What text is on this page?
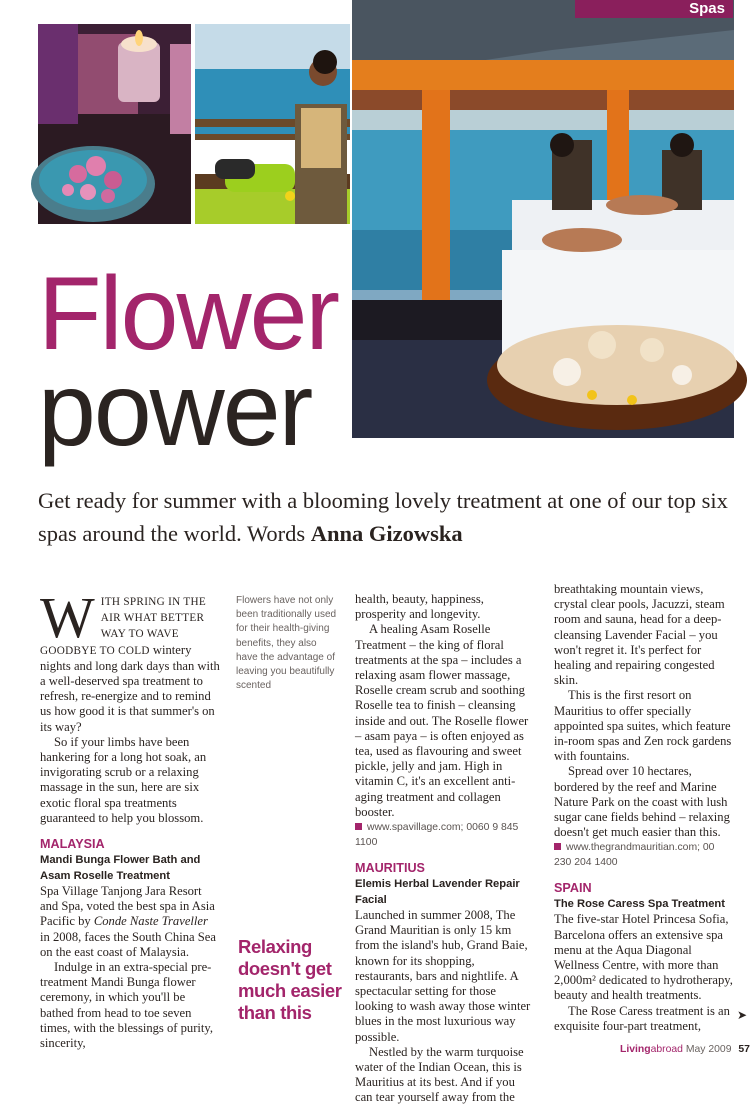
Spas
Flower
power

Get ready for summer with a blooming lovely treatment at one of our top six spas around the world. Words Anna Gizowska

W ITH SPRING IN THE AIR WHAT BETTER WAY TO WAVE GOODBYE TO COLD wintery nights and long dark days than with a well-deserved spa treatment to refresh, re-energize and to remind us how good it is that summer's on its way?

So if your limbs have been hankering for a long hot soak, an invigorating scrub or a relaxing massage in the sun, here are six exotic floral spa treatments guaranteed to help you blossom.

MALAYSIA
Mandi Bunga Flower Bath and Asam Roselle Treatment

Spa Village Tanjong Jara Resort and Spa, voted the best spa in Asia Pacific by Conde Naste Traveller in 2008, faces the South China Sea on the east coast of Malaysia.

Indulge in an extra-special pre-treatment Mandi Bunga flower ceremony, in which you'll be bathed from head to toe seven times, with the blessings of purity, sincerity,

Flowers have not only been traditionally used for their health-giving benefits, they also have the advantage of leaving you beautifully scented

Relaxing doesn't get much easier than this

health, beauty, happiness, prosperity and longevity.

A healing Asam Roselle Treatment – the king of floral treatments at the spa – includes a relaxing asam flower massage, Roselle cream scrub and soothing Roselle tea to finish – cleansing inside and out. The Roselle flower – asam paya – is often enjoyed as tea, used as flavouring and sweet pickle, jelly and jam. High in vitamin C, it's an excellent anti-aging treatment and collagen booster.

www.spavillage.com; 0060 9 845 1100

MAURITIUS
Elemis Herbal Lavender Repair Facial

Launched in summer 2008, The Grand Mauritian is only 15 km from the island's hub, Grand Baie, known for its shopping, restaurants, bars and nightlife. A spectacular setting for those looking to wash away those winter blues in the most luxurious way possible.

Nestled by the warm turquoise water of the Indian Ocean, this is Mauritius at its best. And if you can tear yourself away from the

breathtaking mountain views, crystal clear pools, Jacuzzi, steam room and sauna, head for a deep-cleansing Lavender Facial – you won't regret it. It's perfect for healing and repairing congested skin.

This is the first resort on Mauritius to offer specially appointed spa suites, which feature in-room spas and Zen rock gardens with fountains.

Spread over 10 hectares, bordered by the reef and Marine Nature Park on the coast with lush sugar cane fields behind – relaxing doesn't get much easier than this.

www.thegrandmauritian.com; 00 230 204 1400

SPAIN
The Rose Caress Spa Treatment

The five-star Hotel Princesa Sofia, Barcelona offers an extensive spa menu at the Aqua Diagonal Wellness Centre, with more than 2,000m² dedicated to hydrotherapy, beauty and health treatments.

The Rose Caress treatment is an exquisite four-part treatment,

➤
Livingabroad May 2009 57
